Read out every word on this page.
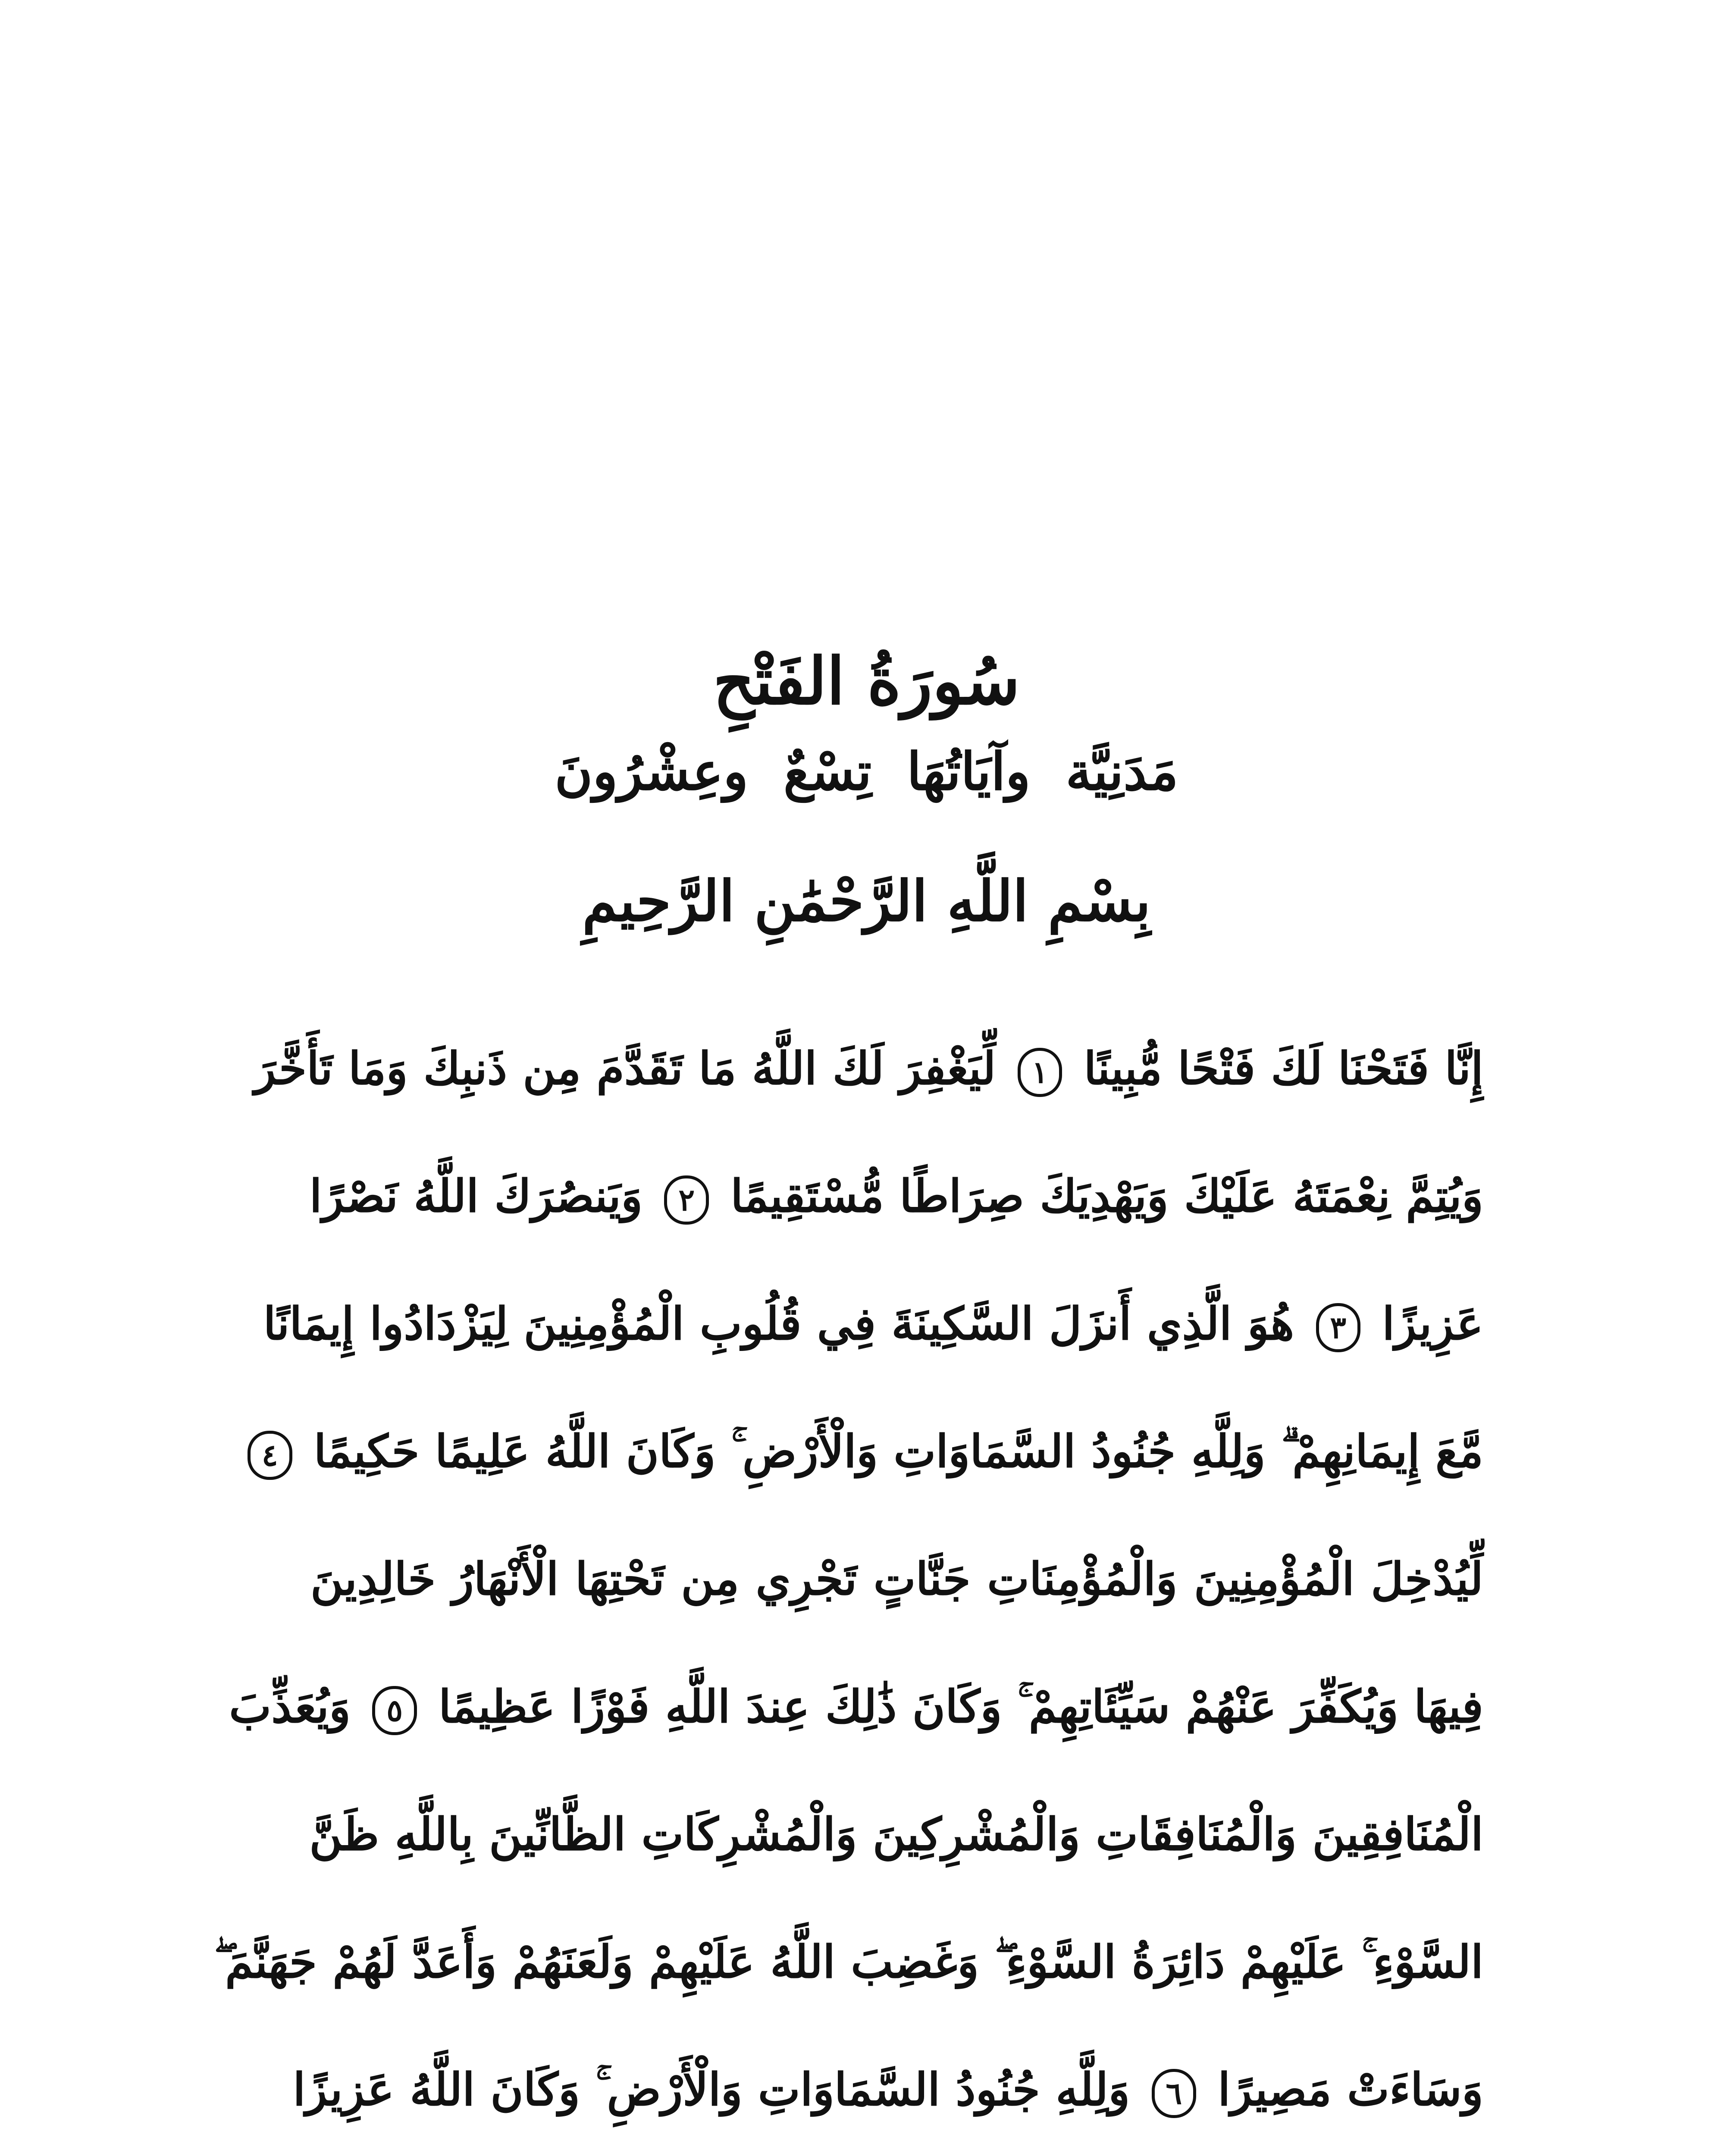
سُورَةُ الفَتْحِ
مَدَنِيَّة وآيَاتُهَا تِسْعٌ وعِشْرُونَ
بِسْمِ اللَّهِ الرَّحْمَٰنِ الرَّحِيمِ
إِنَّا فَتَحْنَا لَكَ فَتْحًا مُّبِينًا ١ لِّيَغْفِرَ لَكَ اللَّهُ مَا تَقَدَّمَ مِن ذَنبِكَ وَمَا تَأَخَّرَ
وَيُتِمَّ نِعْمَتَهُ عَلَيْكَ وَيَهْدِيَكَ صِرَاطًا مُّسْتَقِيمًا ٢ وَيَنصُرَكَ اللَّهُ نَصْرًا
عَزِيزًا ٣ هُوَ الَّذِي أَنزَلَ السَّكِينَةَ فِي قُلُوبِ الْمُؤْمِنِينَ لِيَزْدَادُوا إِيمَانًا
مَّعَ إِيمَانِهِمْ ۗ وَلِلَّهِ جُنُودُ السَّمَاوَاتِ وَالْأَرْضِ ۚ وَكَانَ اللَّهُ عَلِيمًا حَكِيمًا ٤
لِّيُدْخِلَ الْمُؤْمِنِينَ وَالْمُؤْمِنَاتِ جَنَّاتٍ تَجْرِي مِن تَحْتِهَا الْأَنْهَارُ خَالِدِينَ
فِيهَا وَيُكَفِّرَ عَنْهُمْ سَيِّئَاتِهِمْ ۚ وَكَانَ ذَٰلِكَ عِندَ اللَّهِ فَوْزًا عَظِيمًا ٥ وَيُعَذِّبَ
الْمُنَافِقِينَ وَالْمُنَافِقَاتِ وَالْمُشْرِكِينَ وَالْمُشْرِكَاتِ الظَّانِّينَ بِاللَّهِ ظَنَّ
السَّوْءِ ۚ عَلَيْهِمْ دَائِرَةُ السَّوْءِ ۖ وَغَضِبَ اللَّهُ عَلَيْهِمْ وَلَعَنَهُمْ وَأَعَدَّ لَهُمْ جَهَنَّمَ ۖ
وَسَاءَتْ مَصِيرًا ٦ وَلِلَّهِ جُنُودُ السَّمَاوَاتِ وَالْأَرْضِ ۚ وَكَانَ اللَّهُ عَزِيزًا
